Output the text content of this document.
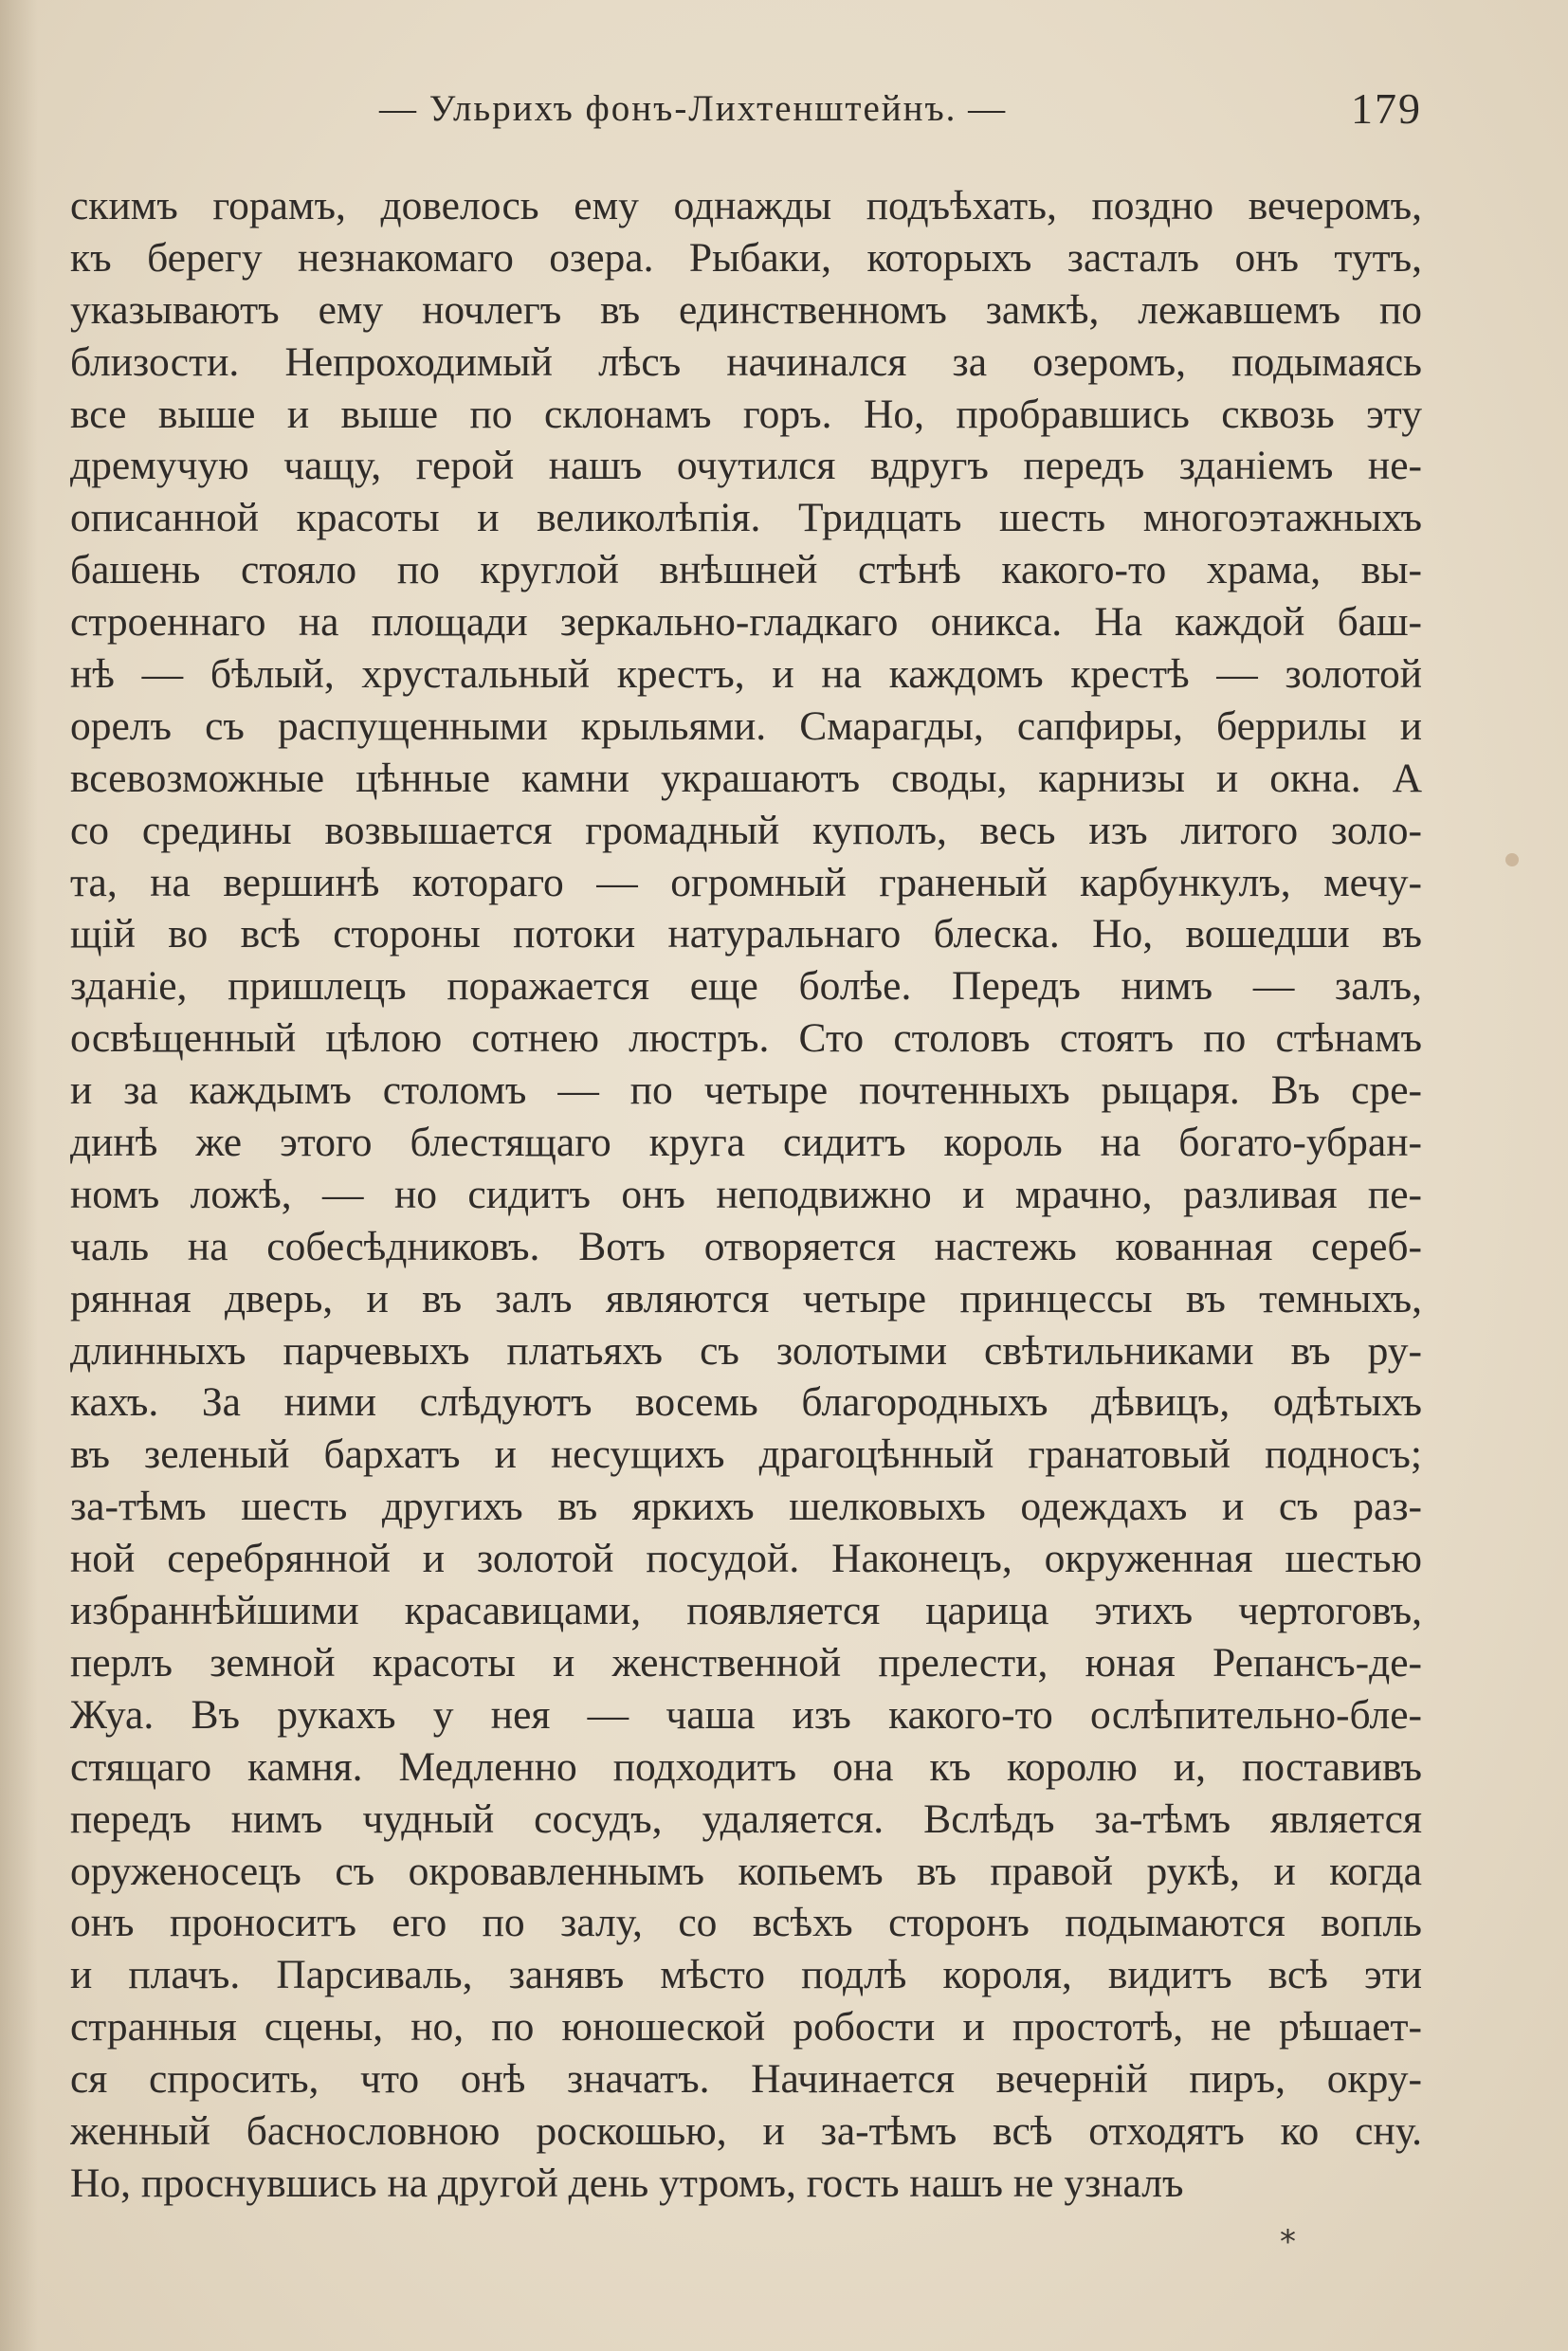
— Ульрихъ фонъ-Лихтенштейнъ. —	179
скимъ горамъ, довелось ему однажды подъѣхать, поздно вечеромъ,
къ берегу незнакомаго озера. Рыбаки, которыхъ засталъ онъ тутъ,
указываютъ ему ночлегъ въ единственномъ замкѣ, лежавшемъ по
близости. Непроходимый лѣсъ начинался за озеромъ, подымаясь
все выше и выше по склонамъ горъ. Но, пробравшись сквозь эту
дремучую чащу, герой нашъ очутился вдругъ передъ зданіемъ не-
описанной красоты и великолѣпія. Тридцать шесть многоэтажныхъ
башень стояло по круглой внѣшней стѣнѣ какого-то храма, вы-
строеннаго на площади зеркально-гладкаго оникса. На каждой баш-
нѣ — бѣлый, хрустальный крестъ, и на каждомъ крестѣ — золотой
орелъ съ распущенными крыльями. Смарагды, сапфиры, беррилы и
всевозможные цѣнные камни украшаютъ своды, карнизы и окна. А
со средины возвышается громадный куполъ, весь изъ литого золо-
та, на вершинѣ котораго — огромный граненый карбункулъ, мечу-
щій во всѣ стороны потоки натуральнаго блеска. Но, вошедши въ
зданіе, пришлецъ поражается еще болѣе. Передъ нимъ — залъ,
освѣщенный цѣлою сотнею люстръ. Сто столовъ стоятъ по стѣнамъ
и за каждымъ столомъ — по четыре почтенныхъ рыцаря. Въ сре-
динѣ же этого блестящаго круга сидитъ король на богато-убран-
номъ ложѣ, — но сидитъ онъ неподвижно и мрачно, разливая пе-
чаль на собесѣдниковъ. Вотъ отворяется настежь кованная сереб-
рянная дверь, и въ залъ являются четыре принцессы въ темныхъ,
длинныхъ парчевыхъ платьяхъ съ золотыми свѣтильниками въ ру-
кахъ. За ними слѣдуютъ восемь благородныхъ дѣвицъ, одѣтыхъ
въ зеленый бархатъ и несущихъ драгоцѣнный гранатовый подносъ;
за-тѣмъ шесть другихъ въ яркихъ шелковыхъ одеждахъ и съ раз-
ной серебрянной и золотой посудой. Наконецъ, окруженная шестью
избраннѣйшими красавицами, появляется царица этихъ чертоговъ,
перлъ земной красоты и женственной прелести, юная Репансъ-де-
Жуа. Въ рукахъ у нея — чаша изъ какого-то ослѣпительно-бле-
стящаго камня. Медленно подходитъ она къ королю и, поставивъ
передъ нимъ чудный сосудъ, удаляется. Вслѣдъ за-тѣмъ является
оруженосецъ съ окровавленнымъ копьемъ въ правой рукѣ, и когда
онъ проноситъ его по залу, со всѣхъ сторонъ подымаются вопль
и плачъ. Парсиваль, занявъ мѣсто подлѣ короля, видитъ всѣ эти
странныя сцены, но, по юношеской робости и простотѣ, не рѣшает-
ся спросить, что онѣ значатъ. Начинается вечерній пиръ, окру-
женный баснословною роскошью, и за-тѣмъ всѣ отходятъ ко сну.
Но, проснувшись на другой день утромъ, гость нашъ не узналъ
*
